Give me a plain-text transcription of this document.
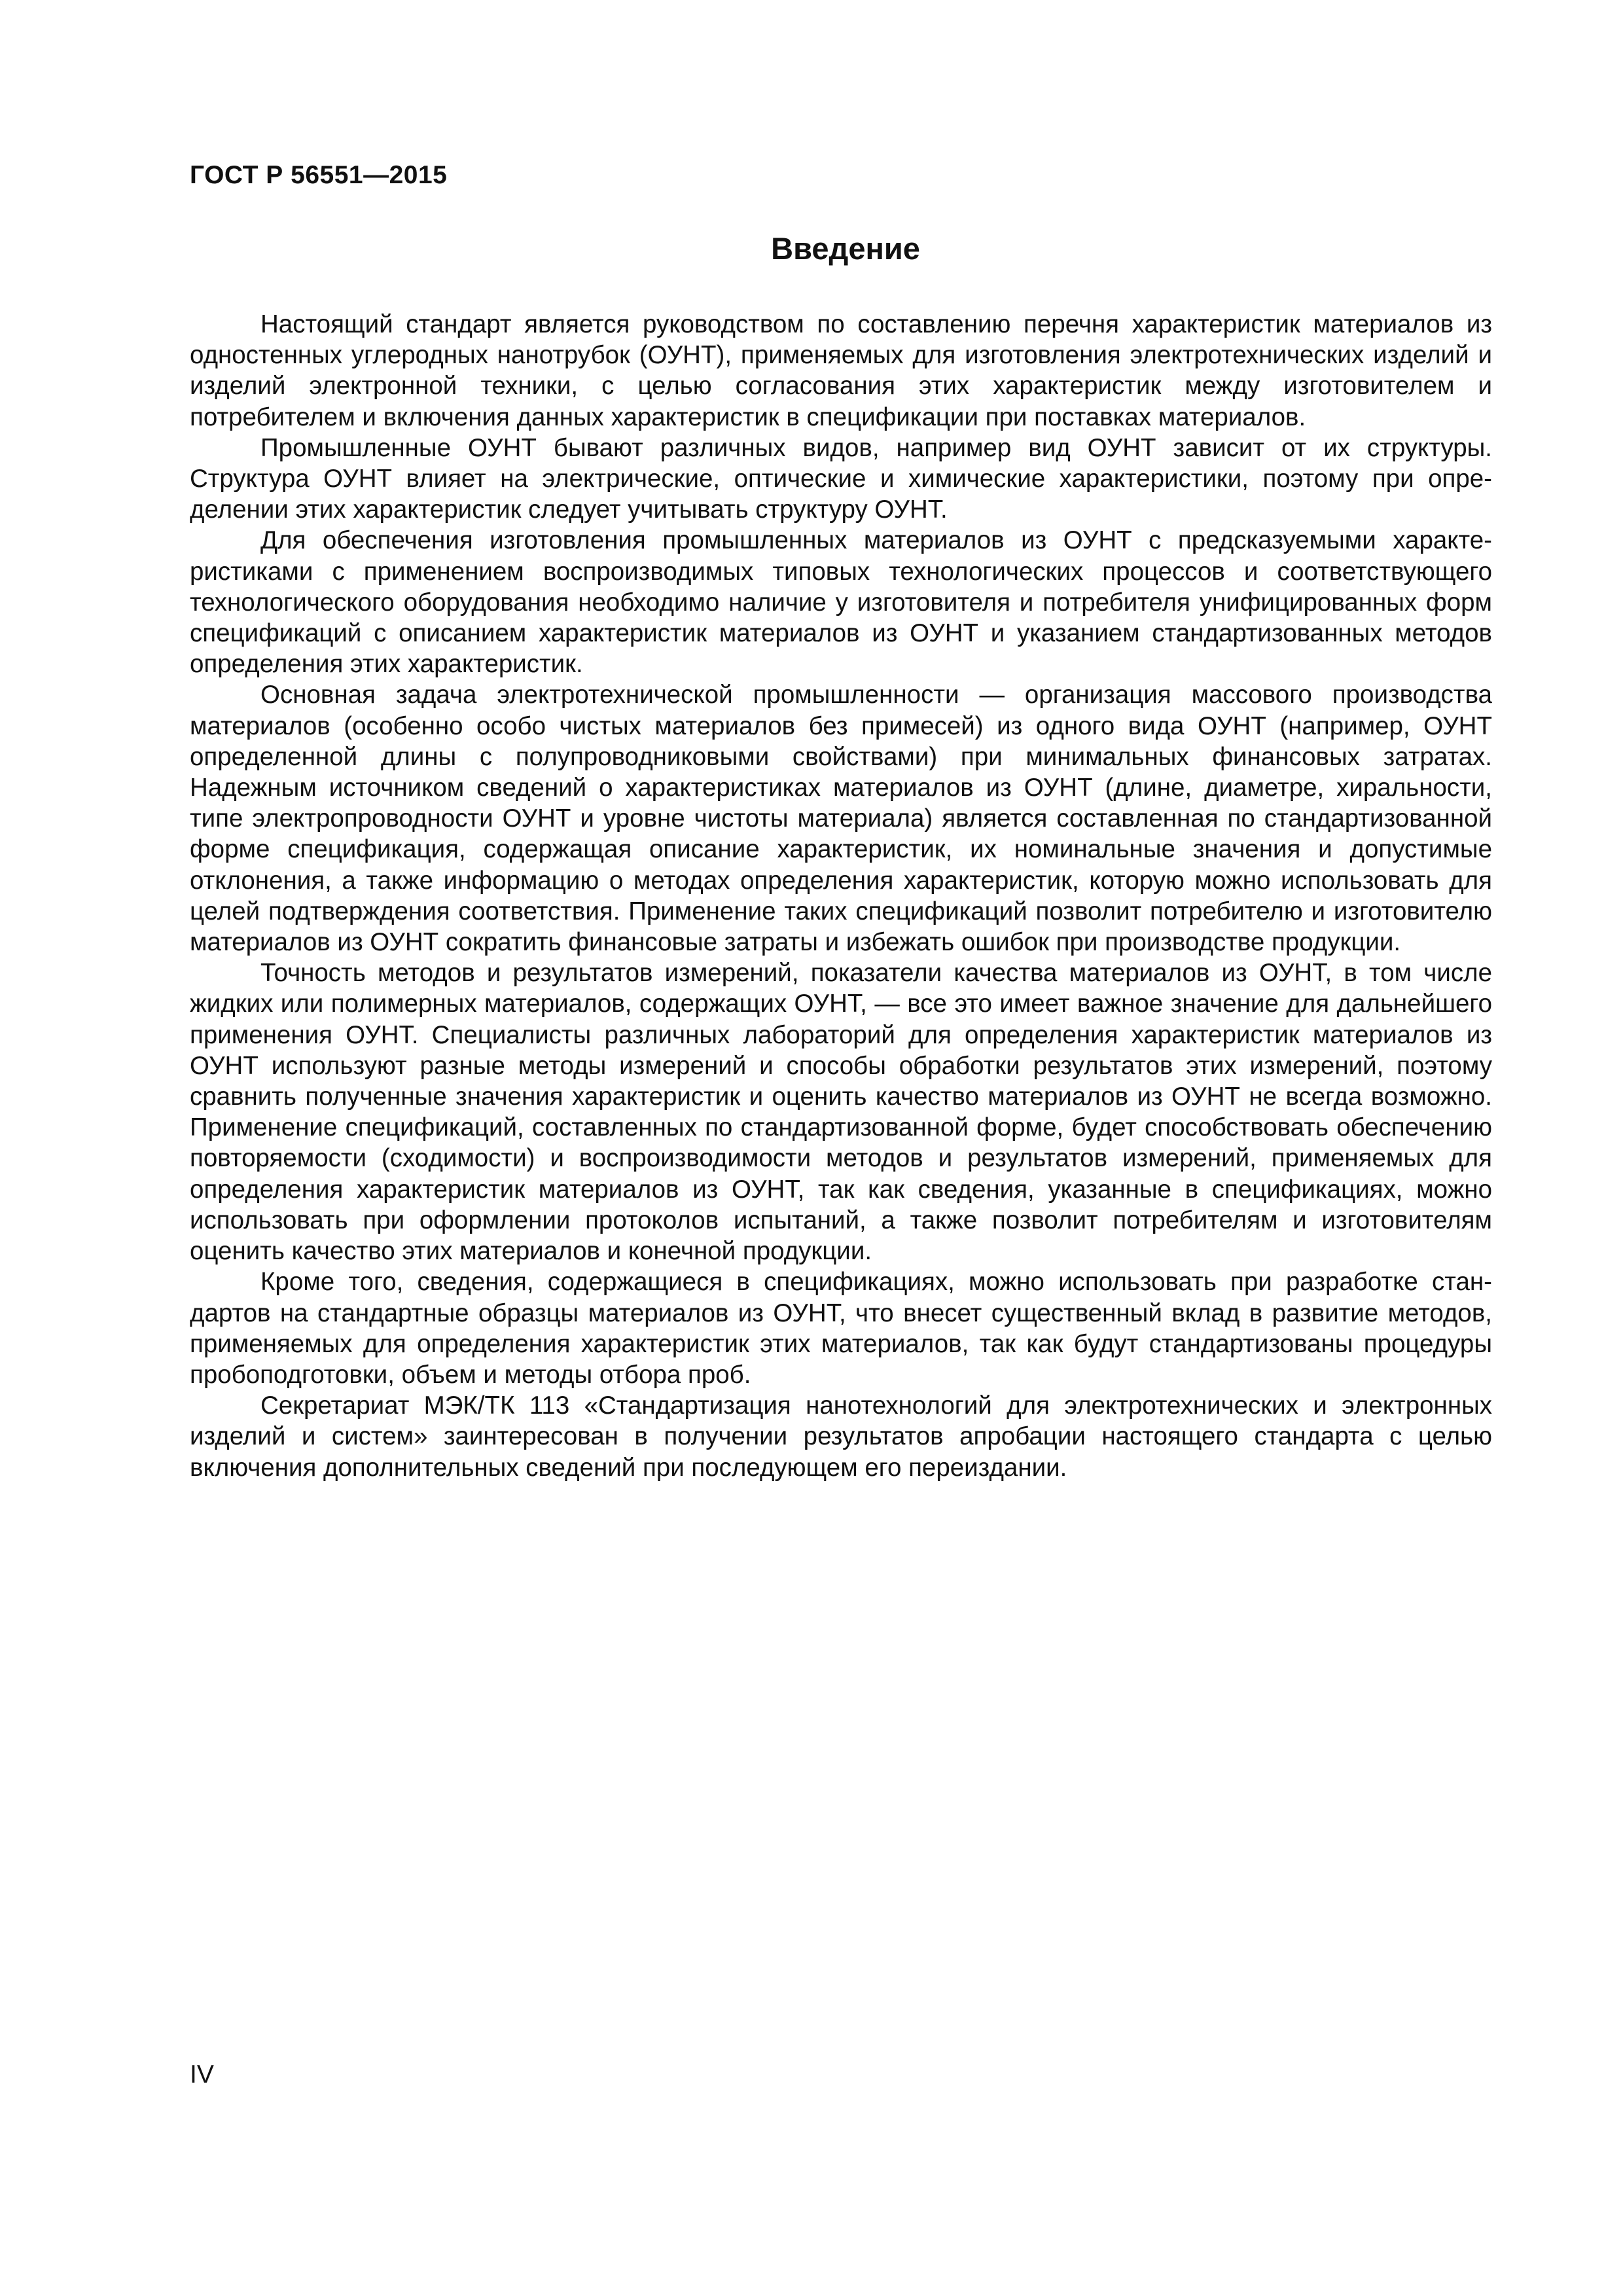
ГОСТ Р 56551—2015
Введение

Настоящий стандарт является руководством по составлению перечня характеристик материалов из одностенных углеродных нанотрубок (ОУНТ), применяемых для изготовления электротехнических изделий и изделий электронной техники, с целью согласования этих характеристик между изготовителем и потребителем и включения данных характеристик в спецификации при поставках материалов.

Промышленные ОУНТ бывают различных видов, например вид ОУНТ зависит от их структуры. Структура ОУНТ влияет на электрические, оптические и химические характеристики, поэтому при определении этих характеристик следует учитывать структуру ОУНТ.

Для обеспечения изготовления промышленных материалов из ОУНТ с предсказуемыми характеристиками с применением воспроизводимых типовых технологических процессов и соответствующего технологического оборудования необходимо наличие у изготовителя и потребителя унифицированных форм спецификаций с описанием характеристик материалов из ОУНТ и указанием стандартизованных методов определения этих характеристик.

Основная задача электротехнической промышленности — организация массового производства материалов (особенно особо чистых материалов без примесей) из одного вида ОУНТ (например, ОУНТ определенной длины с полупроводниковыми свойствами) при минимальных финансовых затратах. Надежным источником сведений о характеристиках материалов из ОУНТ (длине, диаметре, хиральности, типе электропроводности ОУНТ и уровне чистоты материала) является составленная по стандартизованной форме спецификация, содержащая описание характеристик, их номинальные значения и допустимые отклонения, а также информацию о методах определения характеристик, которую можно использовать для целей подтверждения соответствия. Применение таких спецификаций позволит потребителю и изготовителю материалов из ОУНТ сократить финансовые затраты и избежать ошибок при производстве продукции.

Точность методов и результатов измерений, показатели качества материалов из ОУНТ, в том числе жидких или полимерных материалов, содержащих ОУНТ, — все это имеет важное значение для дальнейшего применения ОУНТ. Специалисты различных лабораторий для определения характеристик материалов из ОУНТ используют разные методы измерений и способы обработки результатов этих измерений, поэтому сравнить полученные значения характеристик и оценить качество материалов из ОУНТ не всегда возможно. Применение спецификаций, составленных по стандартизованной форме, будет способствовать обеспечению повторяемости (сходимости) и воспроизводимости методов и результатов измерений, применяемых для определения характеристик материалов из ОУНТ, так как сведения, указанные в спецификациях, можно использовать при оформлении протоколов испытаний, а также позволит потребителям и изготовителям оценить качество этих материалов и конечной продукции.

Кроме того, сведения, содержащиеся в спецификациях, можно использовать при разработке стандартов на стандартные образцы материалов из ОУНТ, что внесет существенный вклад в развитие методов, применяемых для определения характеристик этих материалов, так как будут стандартизованы процедуры пробоподготовки, объем и методы отбора проб.

Секретариат МЭК/ТК 113 «Стандартизация нанотехнологий для электротехнических и электронных изделий и систем» заинтересован в получении результатов апробации настоящего стандарта с целью включения дополнительных сведений при последующем его переиздании.

IV
